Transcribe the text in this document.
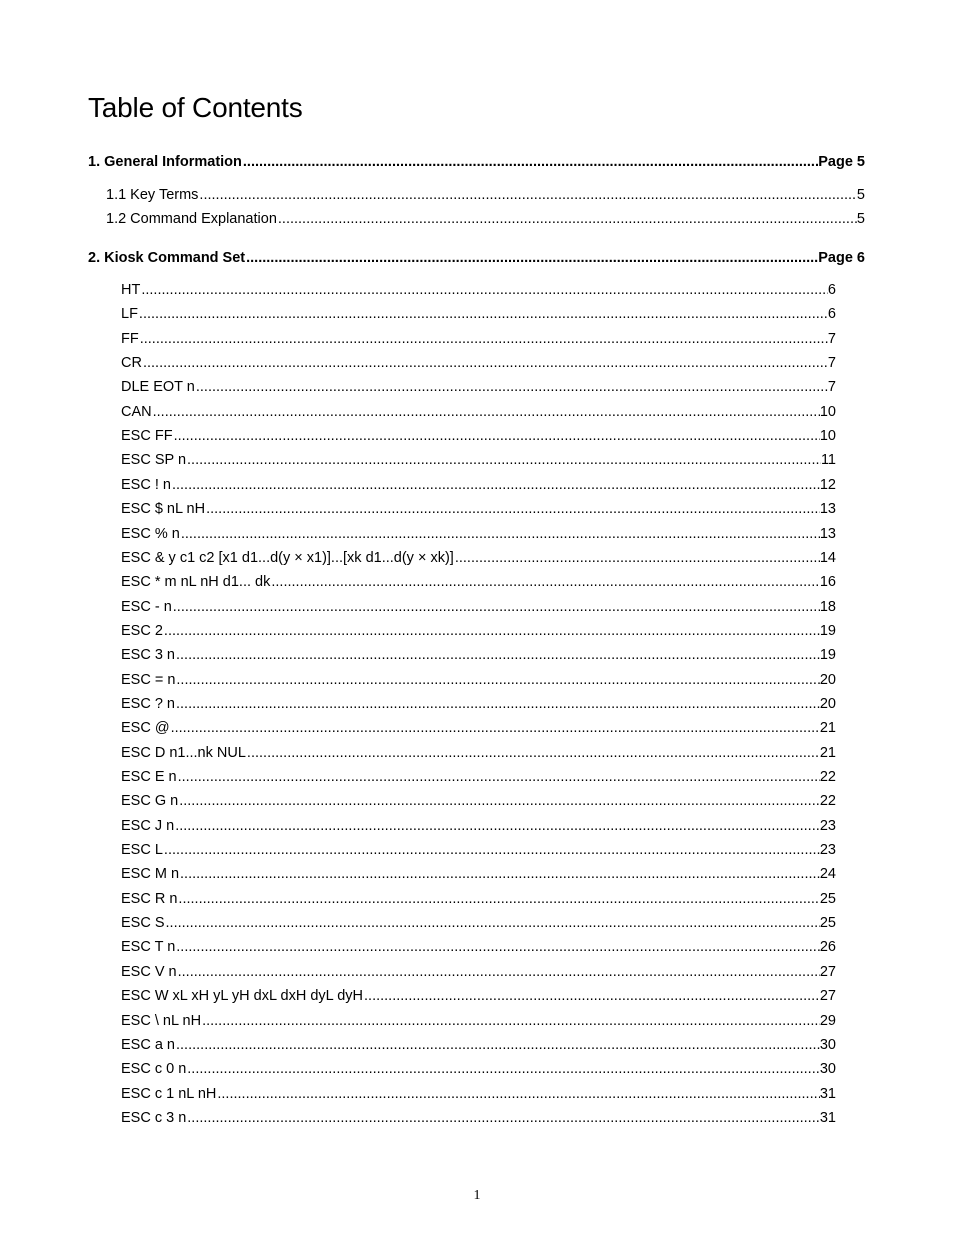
Table of Contents
1. General Information .....	Page 5
1.1 Key Terms .....	5
1.2 Command Explanation .....	5
2. Kiosk Command Set .....	Page 6
HT .....	6
LF .....	6
FF .....	7
CR .....	7
DLE EOT n .....	7
CAN .....	10
ESC FF .....	10
ESC SP n .....	11
ESC ! n .....	12
ESC $ nL nH .....	13
ESC % n .....	13
ESC & y c1 c2 [x1 d1...d(y × x1)]...[xk d1...d(y × xk)] .....	14
ESC * m nL nH d1... dk .....	16
ESC - n .....	18
ESC 2 .....	19
ESC 3 n .....	19
ESC = n .....	20
ESC ? n .....	20
ESC @ .....	21
ESC D n1...nk NUL .....	21
ESC E n .....	22
ESC G n .....	22
ESC J n .....	23
ESC L .....	23
ESC M n .....	24
ESC R n .....	25
ESC S .....	25
ESC T n .....	26
ESC V n .....	27
ESC W xL xH yL yH dxL dxH dyL dyH .....	27
ESC \ nL nH .....	29
ESC a n .....	30
ESC c 0 n .....	30
ESC c 1 nL nH .....	31
ESC c 3 n .....	31
1
